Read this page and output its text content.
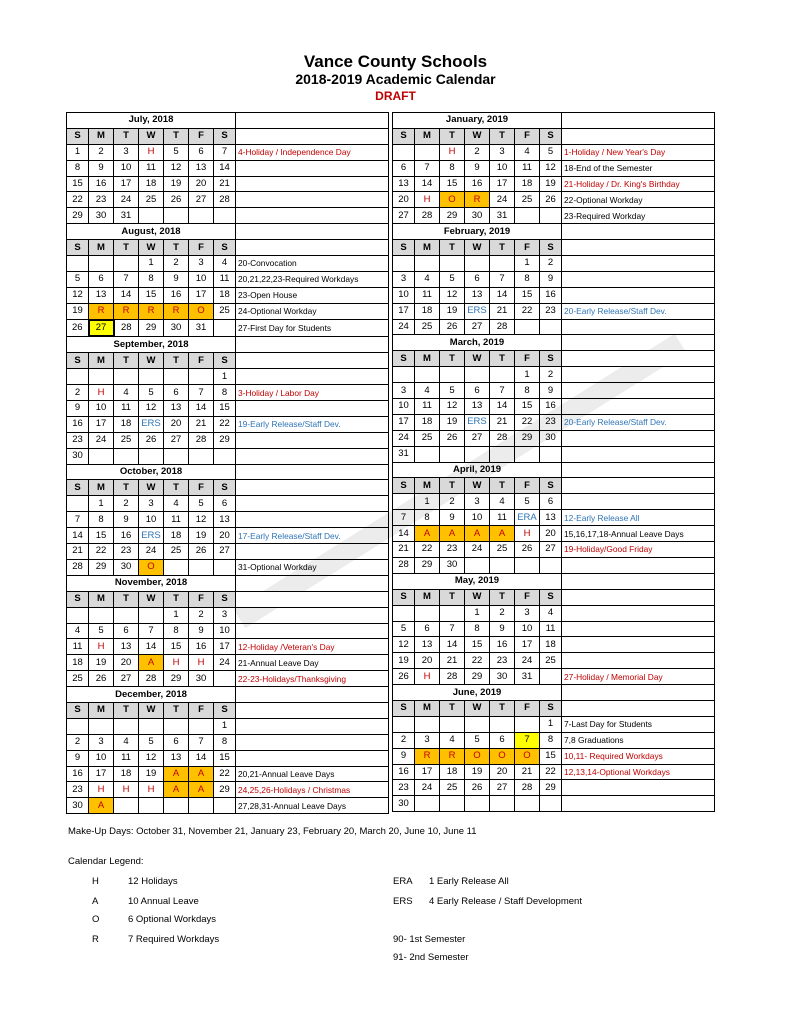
Vance County Schools
2018-2019 Academic Calendar
DRAFT
July, 2018							
S	M	T	W	T	F	S	
1	2	3	H	5	6	7	4-Holiday / Independence Day
8	9	10	11	12	13	14	
15	16	17	18	19	20	21	
22	23	24	25	26	27	28	
29	30	31					
August, 2018							
S	M	T	W	T	F	S	
			1	2	3	4	20-Convocation
5	6	7	8	9	10	11	20,21,22,23-Required Workdays
12	13	14	15	16	17	18	23-Open House
19	R	R	R	R	O	25	24-Optional Workday
26	27	28	29	30	31		27-First Day for Students
September, 2018							
S	M	T	W	T	F	S	
						1	
2	H	4	5	6	7	8	3-Holiday / Labor Day
9	10	11	12	13	14	15	
16	17	18	ERS	20	21	22	19-Early Release/Staff Dev.
23	24	25	26	27	28	29	
30							
October, 2018							
S	M	T	W	T	F	S	
	1	2	3	4	5	6	
7	8	9	10	11	12	13	
14	15	16	ERS	18	19	20	17-Early Release/Staff Dev.
21	22	23	24	25	26	27	
28	29	30	O				31-Optional Workday
November, 2018							
S	M	T	W	T	F	S	
				1	2	3	
4	5	6	7	8	9	10	
11	H	13	14	15	16	17	12-Holiday /Veteran's Day
18	19	20	A	H	H	24	21-Annual Leave Day
25	26	27	28	29	30		22-23-Holidays/Thanksgiving
December, 2018							
S	M	T	W	T	F	S	
						1	
2	3	4	5	6	7	8	
9	10	11	12	13	14	15	
16	17	18	19	A	A	22	20,21-Annual Leave Days
23	H	H	H	A	A	29	24,25,26-Holidays / Christmas
30	A						27,28,31-Annual Leave Days
January, 2019							
S	M	T	W	T	F	S	
		H	2	3	4	5	1-Holiday / New Year's Day
6	7	8	9	10	11	12	18-End of the Semester
13	14	15	16	17	18	19	21-Holiday / Dr. King's Birthday
20	H	O	R	24	25	26	22-Optional Workday
27	28	29	30	31			23-Required Workday
February, 2019							
S	M	T	W	T	F	S	
					1	2	
3	4	5	6	7	8	9	
10	11	12	13	14	15	16	
17	18	19	ERS	21	22	23	20-Early Release/Staff Dev.
24	25	26	27	28			
March, 2019							
S	M	T	W	T	F	S	
					1	2	
3	4	5	6	7	8	9	
10	11	12	13	14	15	16	
17	18	19	ERS	21	22	23	20-Early Release/Staff Dev.
24	25	26	27	28	29	30	
31							
April, 2019							
S	M	T	W	T	F	S	
	1	2	3	4	5	6	
7	8	9	10	11	ERA	13	12-Early Release All
14	A	A	A	A	H	20	15,16,17,18-Annual Leave Days
21	22	23	24	25	26	27	19-Holiday/Good Friday
28	29	30					
May, 2019							
S	M	T	W	T	F	S	
			1	2	3	4	
5	6	7	8	9	10	11	
12	13	14	15	16	17	18	
19	20	21	22	23	24	25	
26	H	28	29	30	31		27-Holiday / Memorial Day
June, 2019							
S	M	T	W	T	F	S	
						1	7-Last Day for Students
2	3	4	5	6	7	8	7,8 Graduations
9	R	R	O	O	O	15	10,11- Required Workdays
16	17	18	19	20	21	22	12,13,14-Optional Workdays
23	24	25	26	27	28	29	
30							
Make-Up Days: October 31, November 21, January 23, February 20, March 20, June 10, June 11
Calendar Legend:
H	12 Holidays
A	10 Annual Leave
O	6 Optional Workdays
R	7 Required Workdays
ERA 1 Early Release All
ERS 4 Early Release / Staff Development
90- 1st Semester
91- 2nd Semester
